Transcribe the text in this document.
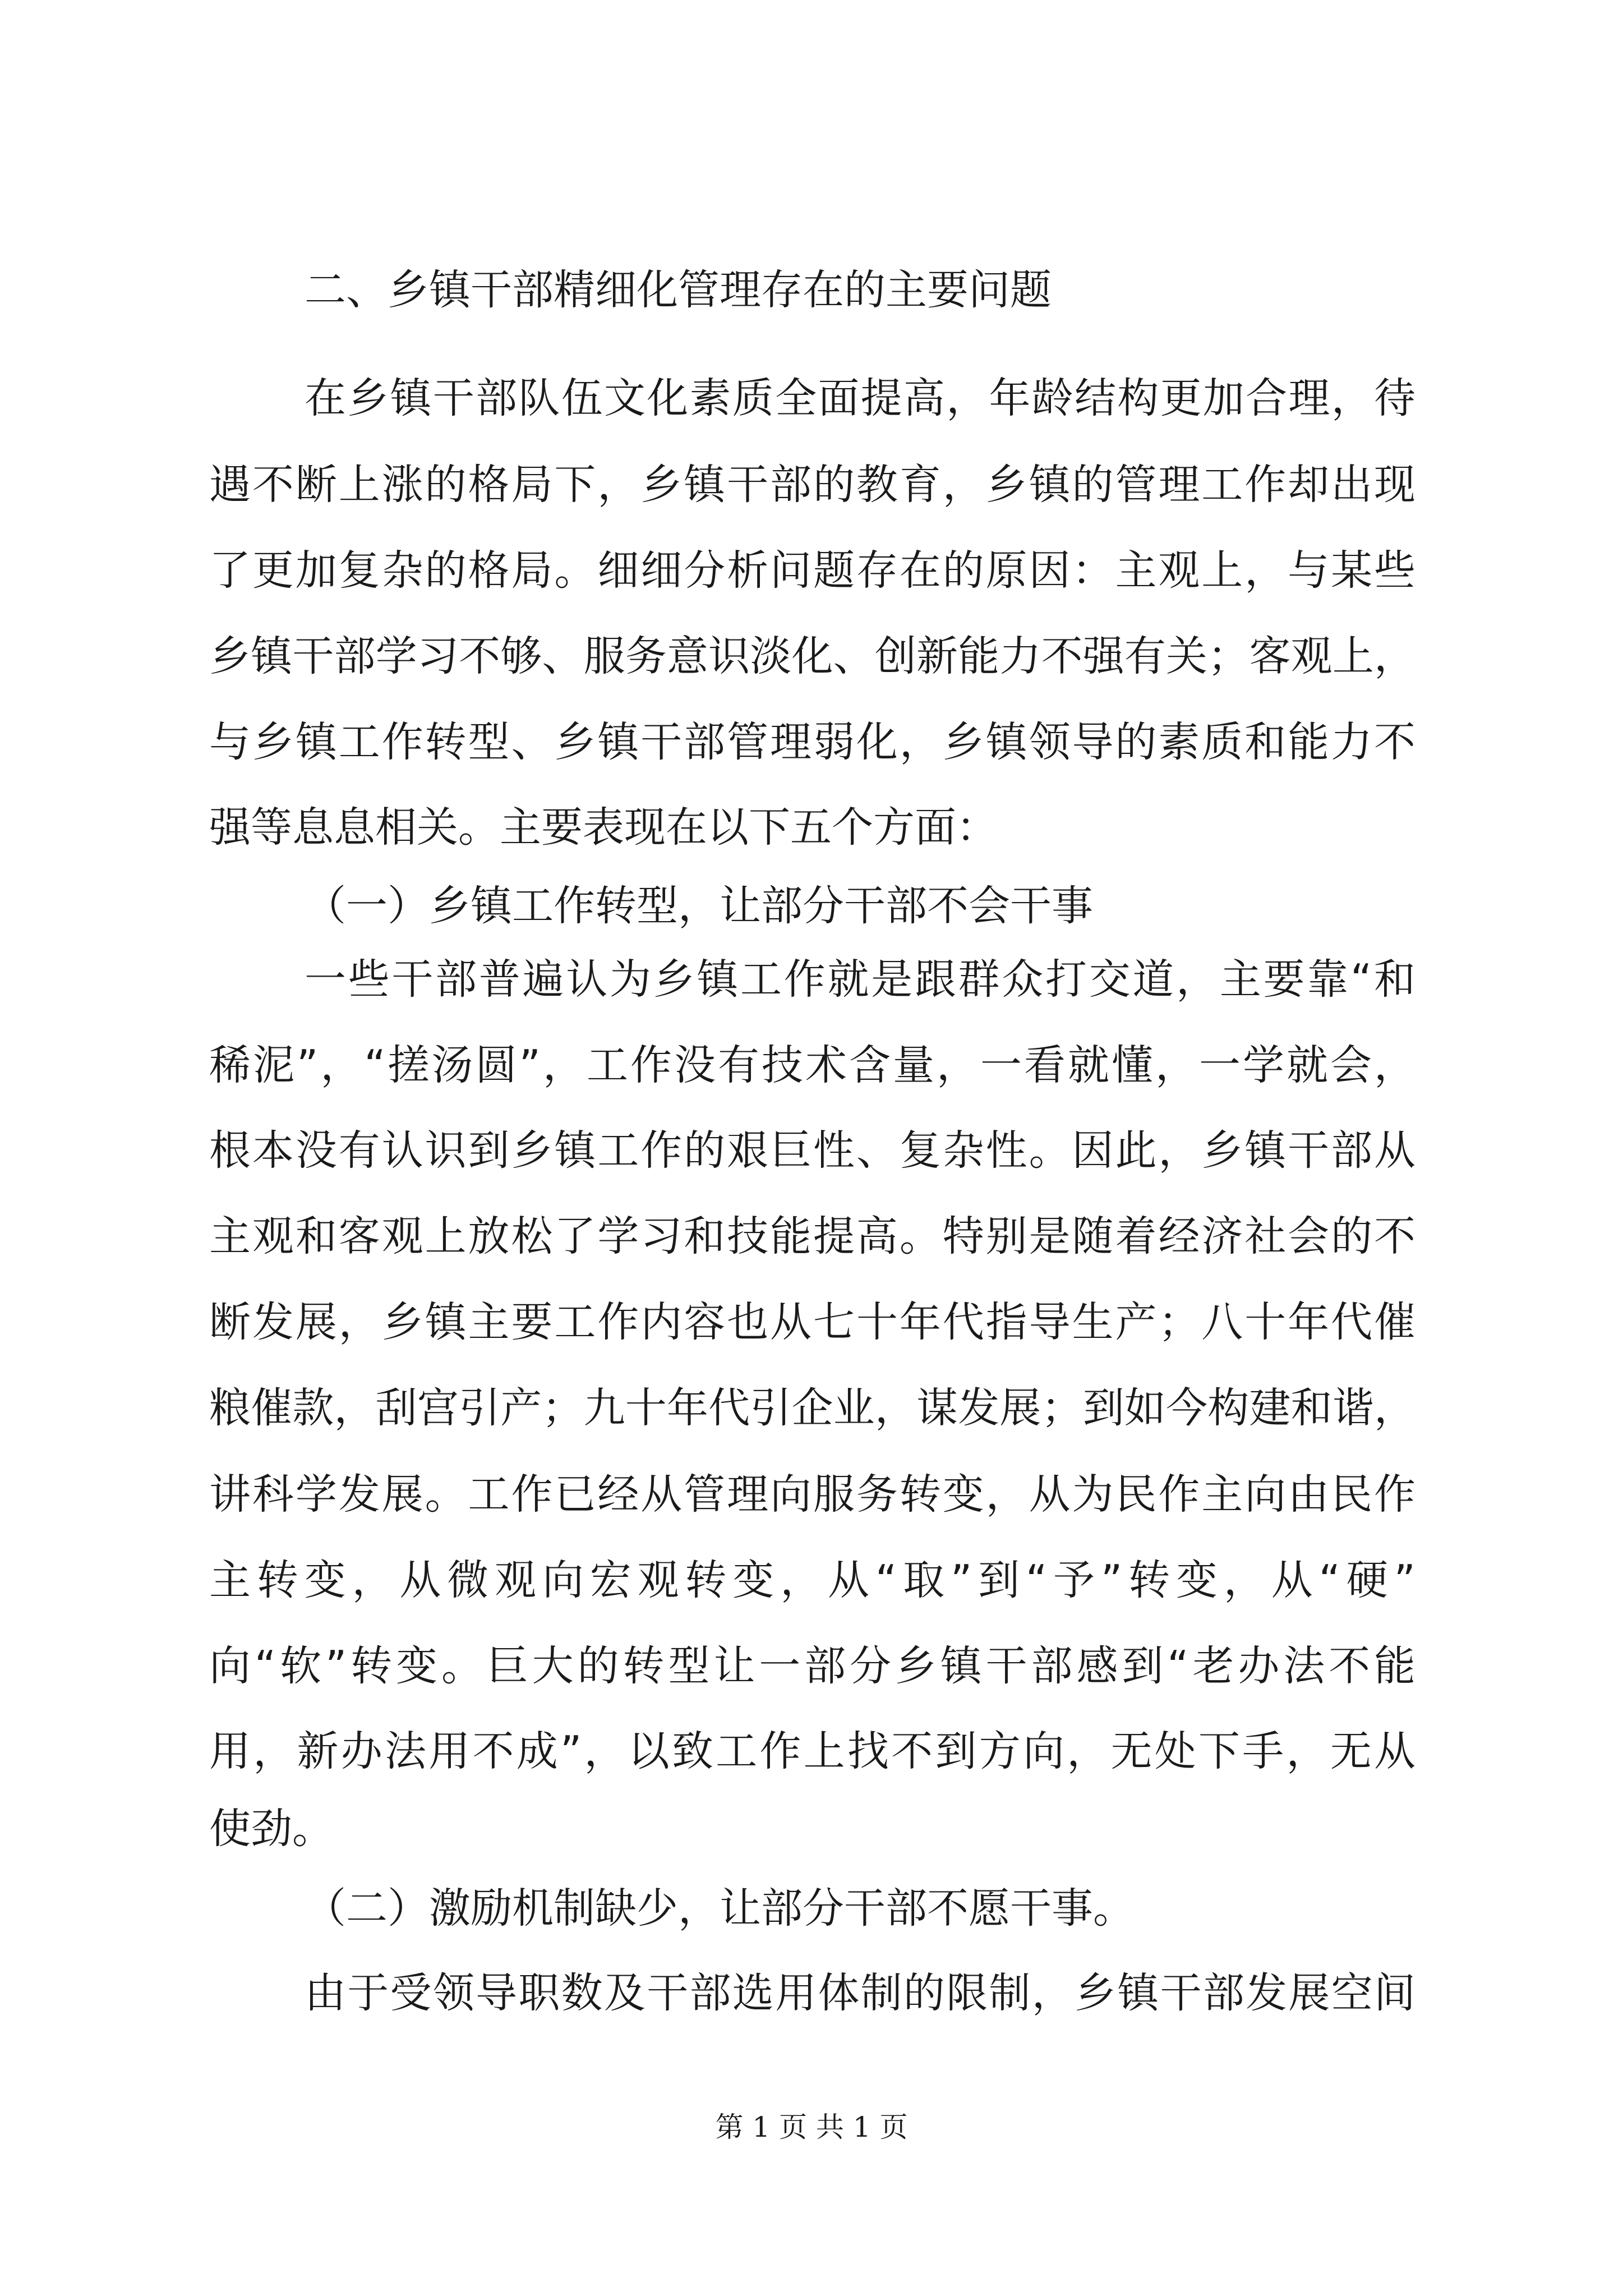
二、乡镇干部精细化管理存在的主要问题

在乡镇干部队伍文化素质全面提高，年龄结构更加合理，待

遇不断上涨的格局下，乡镇干部的教育，乡镇的管理工作却出现

了更加复杂的格局。细细分析问题存在的原因：主观上，与某些

乡镇干部学习不够、服务意识淡化、创新能力不强有关；客观上，

与乡镇工作转型、乡镇干部管理弱化，乡镇领导的素质和能力不

强等息息相关。主要表现在以下五个方面：

（一）乡镇工作转型，让部分干部不会干事

一些干部普遍认为乡镇工作就是跟群众打交道，主要靠“和

稀泥”，“搓汤圆”，工作没有技术含量，一看就懂，一学就会，

根本没有认识到乡镇工作的艰巨性、复杂性。因此，乡镇干部从

主观和客观上放松了学习和技能提高。特别是随着经济社会的不

断发展，乡镇主要工作内容也从七十年代指导生产；八十年代催

粮催款，刮宫引产；九十年代引企业，谋发展；到如今构建和谐，

讲科学发展。工作已经从管理向服务转变，从为民作主向由民作

主转变，从微观向宏观转变，从“取”到“予”转变，从“硬”

向“软”转变。巨大的转型让一部分乡镇干部感到“老办法不能

用，新办法用不成”，以致工作上找不到方向，无处下手，无从

使劲。

（二）激励机制缺少，让部分干部不愿干事。

由于受领导职数及干部选用体制的限制，乡镇干部发展空间

第 1 页 共 1 页
